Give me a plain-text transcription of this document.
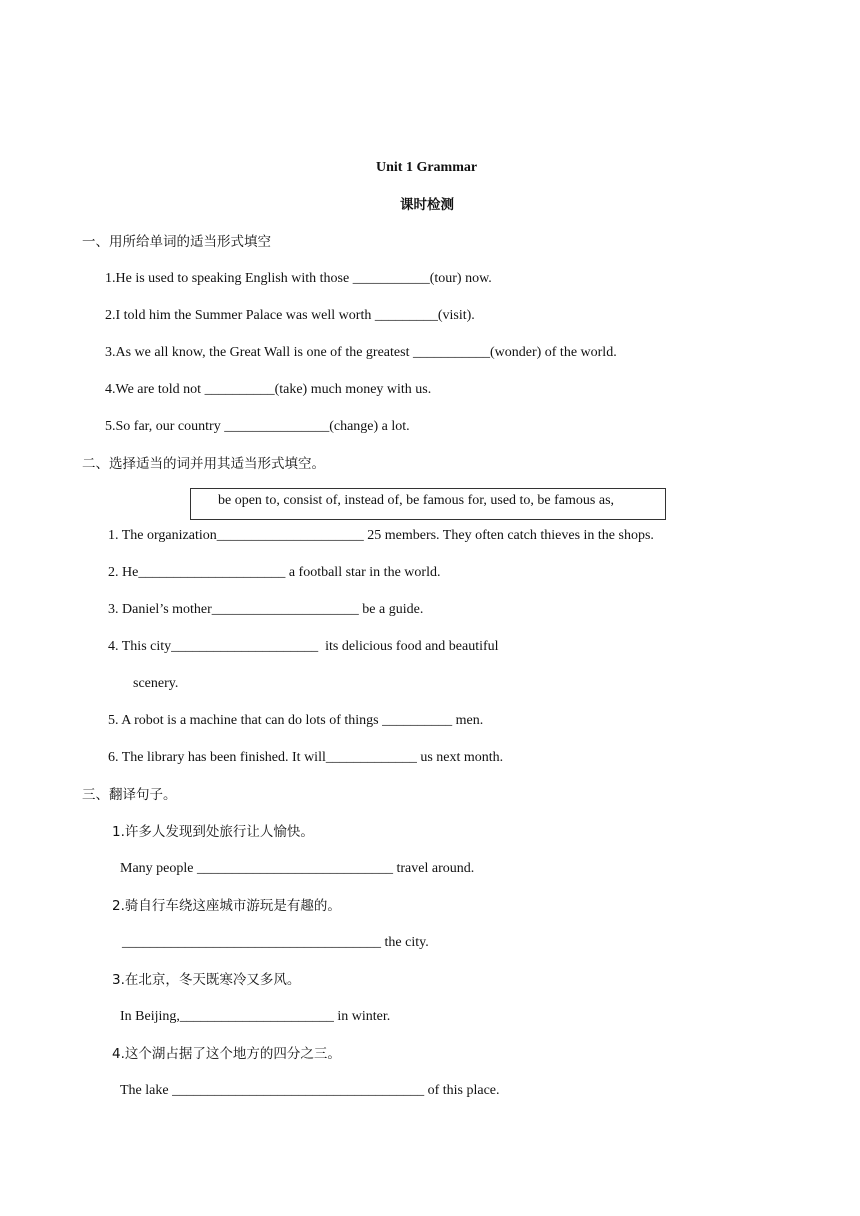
Unit 1 Grammar
课时检测
一、用所给单词的适当形式填空
1.He is used to speaking English with those ___________(tour) now.
2.I told him the Summer Palace was well worth _________(visit).
3.As we all know, the Great Wall is one of the greatest ___________(wonder) of the world.
4.We are told not __________(take) much money with us.
5.So far, our country _______________(change) a lot.
二、选择适当的词并用其适当形式填空。
be open to, consist of, instead of, be famous for, used to, be famous as,
1. The organization_____________________ 25 members. They often catch thieves in the shops.
2. He_____________________ a football star in the world.
3. Daniel’s mother_____________________ be a guide.
4. This city_____________________  its delicious food and beautiful
scenery.
5. A robot is a machine that can do lots of things __________ men.
6. The library has been finished. It will_____________ us next month.
三、翻译句子。
1.许多人发现到处旅行让人愉快。
Many people ____________________________ travel around.
2.骑自行车绕这座城市游玩是有趣的。
_____________________________________ the city.
3.在北京，冬天既寒冷又多风。
In Beijing,______________________ in winter.
4.这个湖占据了这个地方的四分之三。
The lake ____________________________________ of this place.
